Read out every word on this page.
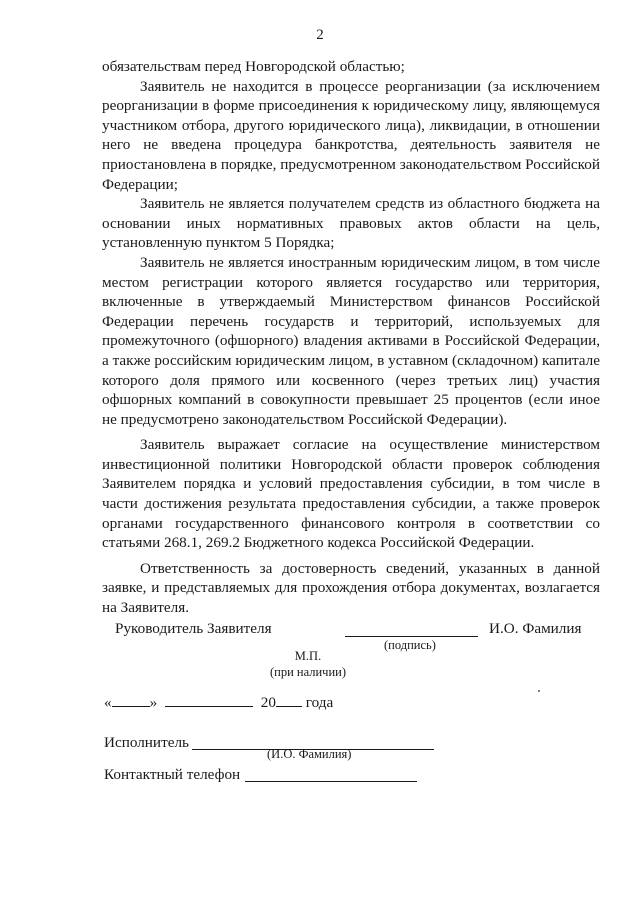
2

обязательствам перед Новгородской областью;

Заявитель не находится в процессе реорганизации (за исключением реорганизации в форме присоединения к юридическому лицу, являющемуся участником отбора, другого юридического лица), ликвидации, в отношении него не введена процедура банкротства, деятельность заявителя не приостановлена в порядке, предусмотренном законодательством Российской Федерации;

Заявитель не является получателем средств из областного бюджета на основании иных нормативных правовых актов области на цель, установленную пунктом 5 Порядка;

Заявитель не является иностранным юридическим лицом, в том числе местом регистрации которого является государство или территория, включенные в утверждаемый Министерством финансов Российской Федерации перечень государств и территорий, используемых для промежуточного (офшорного) владения активами в Российской Федерации, а также российским юридическим лицом, в уставном (складочном) капитале которого доля прямого или косвенного (через третьих лиц) участия офшорных компаний в совокупности превышает 25 процентов (если иное не предусмотрено законодательством Российской Федерации).

Заявитель выражает согласие на осуществление министерством инвестиционной политики Новгородской области проверок соблюдения Заявителем порядка и условий предоставления субсидии, в том числе в части достижения результата предоставления субсидии, а также проверок органами государственного финансового контроля в соответствии со статьями 268.1, 269.2 Бюджетного кодекса Российской Федерации.

Ответственность за достоверность сведений, указанных в данной заявке, и представляемых для прохождения отбора документах, возлагается на Заявителя.

Руководитель Заявителя	И.О. Фамилия
(подпись)
М.П.
(при наличии)
«	»	20 года
Исполнитель
(И.О. Фамилия)
Контактный телефон
